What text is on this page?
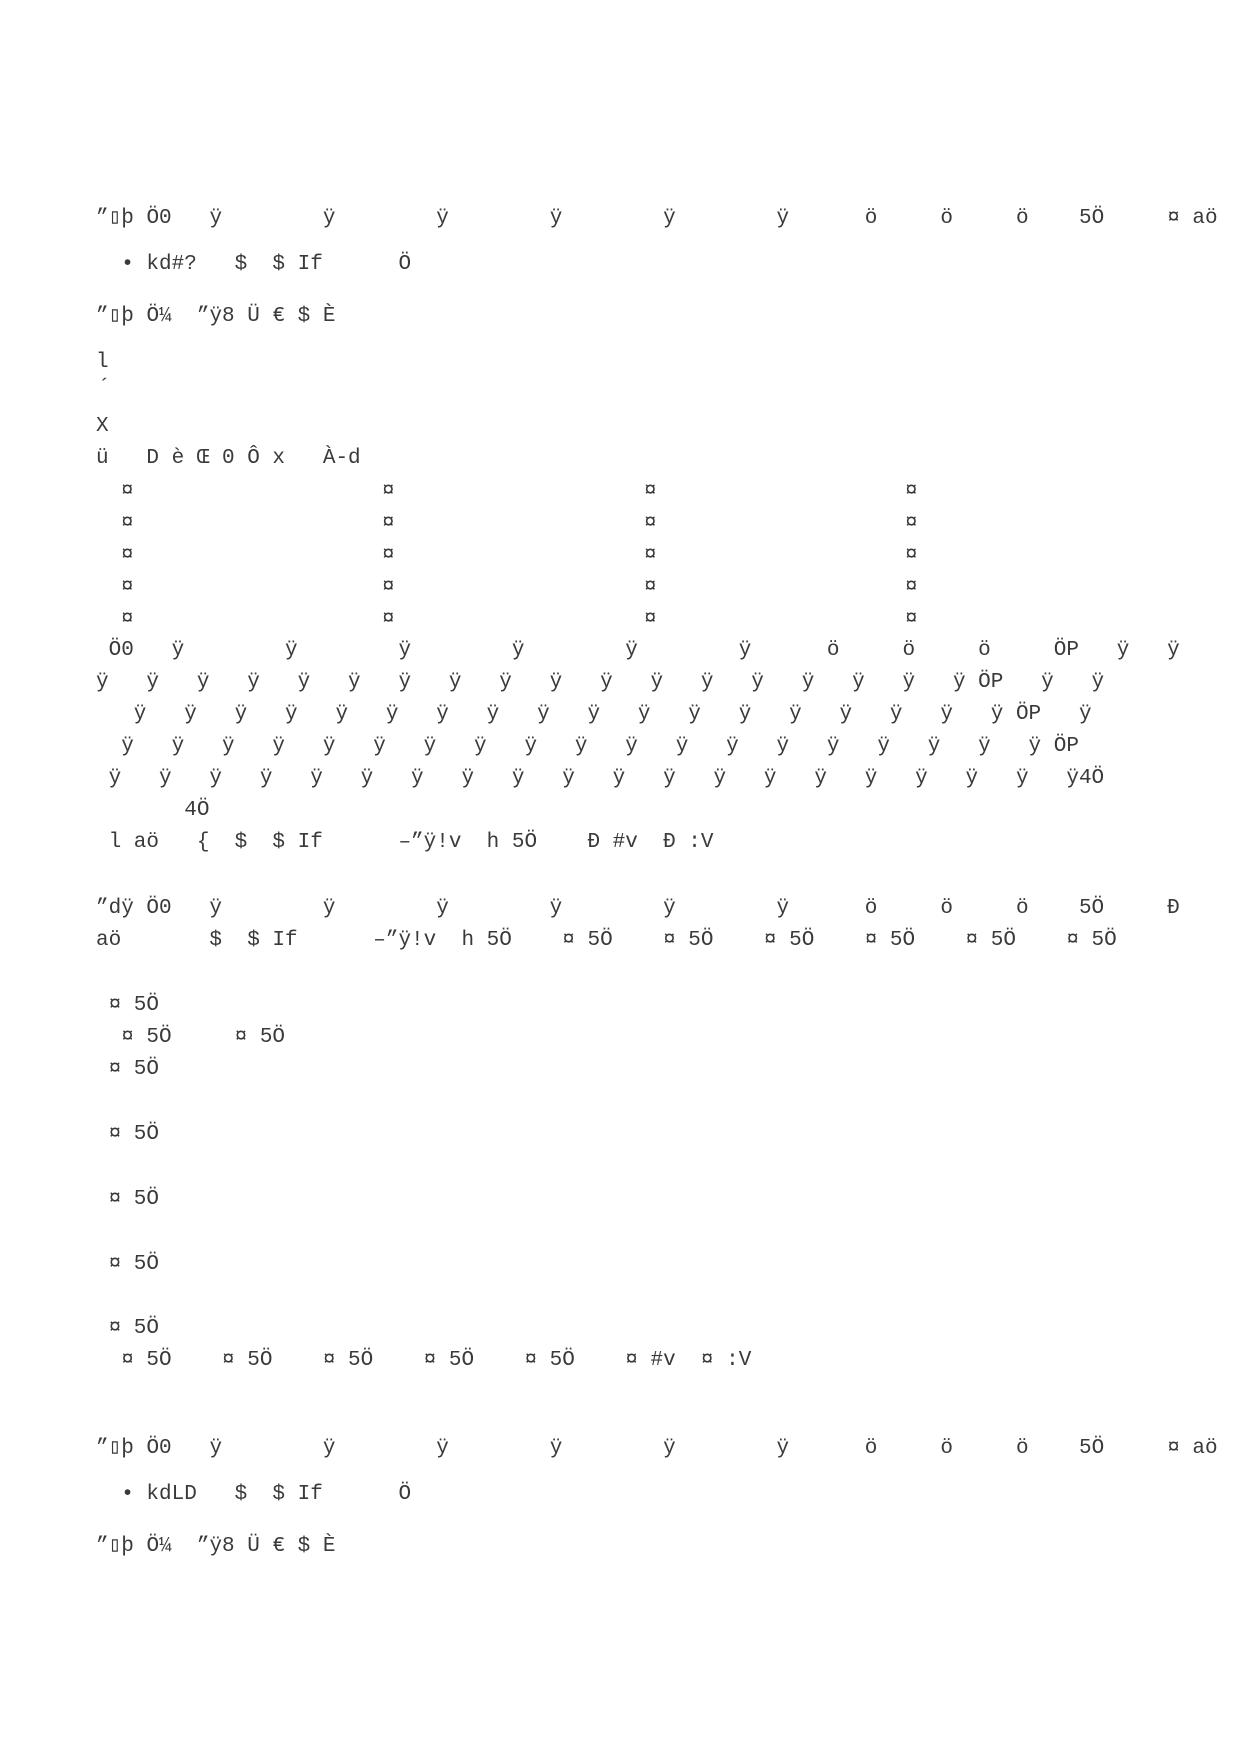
”▯þ Ö0   ÿ        ÿ        ÿ        ÿ        ÿ        ÿ      ö     ö     ö    5Ö     ¤ aö
• kd#?   $  $ If      Ö
”▯þ Ö¼  ”ÿ8 Ü € $ È
l
´
X
ü   D è Œ 0 Ô x   À-d
¤	¤	¤	¤
¤	¤	¤	¤
¤	¤	¤	¤
¤	¤	¤	¤
¤	¤	¤	¤
Ö0   ÿ        ÿ        ÿ        ÿ        ÿ        ÿ      ö     ö     ö     ÖP   ÿ   ÿ
ÿ   ÿ   ÿ   ÿ   ÿ   ÿ   ÿ   ÿ   ÿ   ÿ   ÿ   ÿ   ÿ   ÿ   ÿ   ÿ   ÿ   ÿ ÖP   ÿ   ÿ
ÿ   ÿ   ÿ   ÿ   ÿ   ÿ   ÿ   ÿ   ÿ   ÿ   ÿ   ÿ   ÿ   ÿ   ÿ   ÿ   ÿ   ÿ ÖP   ÿ
ÿ   ÿ   ÿ   ÿ   ÿ   ÿ   ÿ   ÿ   ÿ   ÿ   ÿ   ÿ   ÿ   ÿ   ÿ   ÿ   ÿ   ÿ   ÿ ÖP
ÿ   ÿ   ÿ   ÿ   ÿ   ÿ   ÿ   ÿ   ÿ   ÿ   ÿ   ÿ   ÿ   ÿ   ÿ   ÿ   ÿ   ÿ   ÿ   ÿ4Ö
4Ö
l aö   {  $  $ If      –”ÿ!v  h 5Ö    Ð #v  Ð :V
”dÿ Ö0   ÿ        ÿ        ÿ        ÿ        ÿ        ÿ      ö     ö     ö    5Ö     Ð
aö       $  $ If      –”ÿ!v  h 5Ö    ¤ 5Ö    ¤ 5Ö    ¤ 5Ö    ¤ 5Ö    ¤ 5Ö    ¤ 5Ö
¤ 5Ö
¤ 5Ö     ¤ 5Ö
¤ 5Ö
¤ 5Ö
¤ 5Ö
¤ 5Ö
¤ 5Ö
¤ 5Ö    ¤ 5Ö    ¤ 5Ö    ¤ 5Ö    ¤ 5Ö    ¤ #v  ¤ :V
”▯þ Ö0   ÿ        ÿ        ÿ        ÿ        ÿ        ÿ      ö     ö     ö    5Ö     ¤ aö
• kdLD   $  $ If      Ö
”▯þ Ö¼  ”ÿ8 Ü € $ È
